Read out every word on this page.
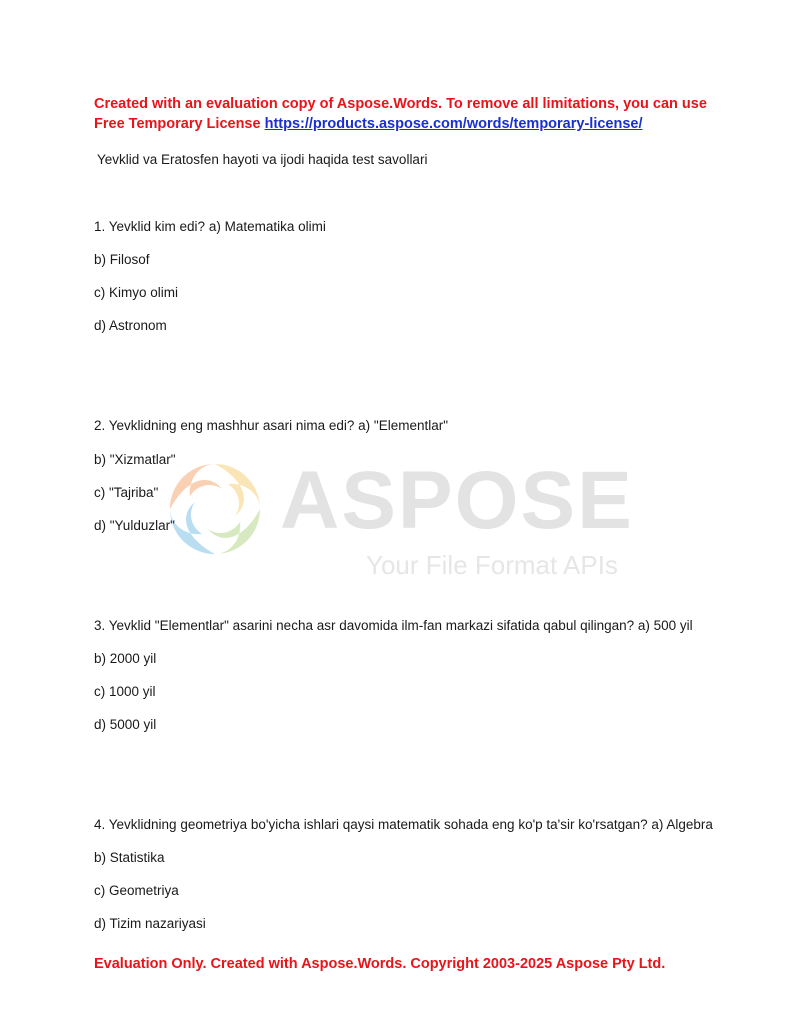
ASPOSE
Your File Format APIs
Created with an evaluation copy of Aspose.Words. To remove all limitations, you can use Free Temporary License https://products.aspose.com/words/temporary-license/
Yevklid va Eratosfen hayoti va ijodi haqida test savollari
1. Yevklid kim edi? a) Matematika olimi
b) Filosof
c) Kimyo olimi
d) Astronom
2. Yevklidning eng mashhur asari nima edi? a) "Elementlar"
b) "Xizmatlar"
c) "Tajriba"
d) "Yulduzlar"
3. Yevklid "Elementlar" asarini necha asr davomida ilm-fan markazi sifatida qabul qilingan? a) 500 yil
b) 2000 yil
c) 1000 yil
d) 5000 yil
4. Yevklidning geometriya bo'yicha ishlari qaysi matematik sohada eng ko'p ta'sir ko'rsatgan? a) Algebra
b) Statistika
c) Geometriya
d) Tizim nazariyasi
Evaluation Only. Created with Aspose.Words. Copyright 2003-2025 Aspose Pty Ltd.
